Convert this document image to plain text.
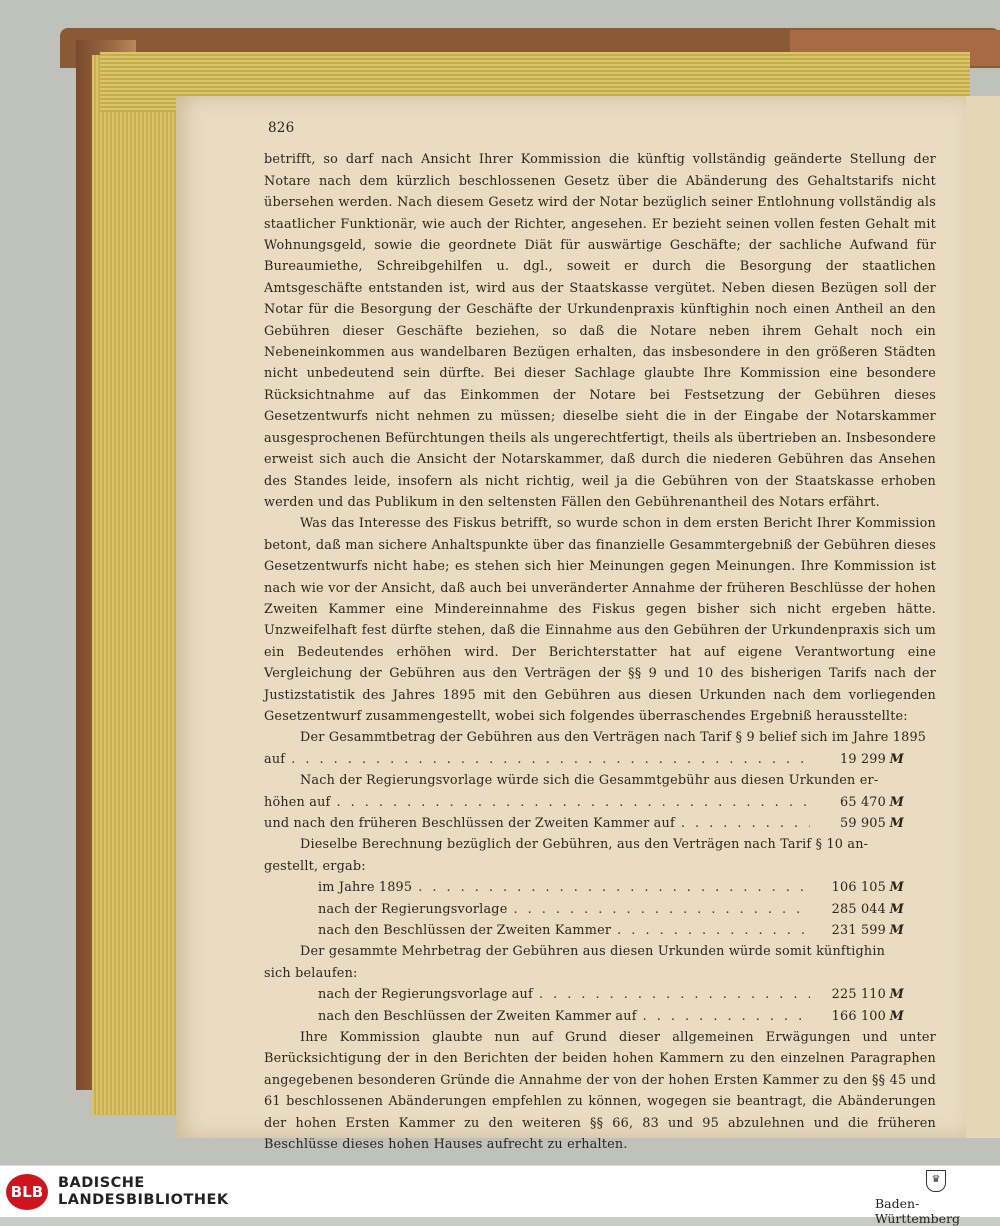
826

betrifft, so darf nach Ansicht Ihrer Kommission die künftig vollständig geänderte Stellung der Notare nach dem kürzlich beschlossenen Gesetz über die Abänderung des Gehaltstarifs nicht übersehen werden. Nach diesem Gesetz wird der Notar bezüglich seiner Entlohnung vollständig als staatlicher Funktionär, wie auch der Richter, angesehen. Er bezieht seinen vollen festen Gehalt mit Wohnungsgeld, sowie die geordnete Diät für auswärtige Geschäfte; der sachliche Aufwand für Bureaumiethe, Schreibgehilfen u. dgl., soweit er durch die Besorgung der staatlichen Amtsgeschäfte entstanden ist, wird aus der Staatskasse vergütet. Neben diesen Bezügen soll der Notar für die Besorgung der Geschäfte der Urkundenpraxis künftighin noch einen Antheil an den Gebühren dieser Geschäfte beziehen, so daß die Notare neben ihrem Gehalt noch ein Nebeneinkommen aus wandelbaren Bezügen erhalten, das insbesondere in den größeren Städten nicht unbedeutend sein dürfte. Bei dieser Sachlage glaubte Ihre Kommission eine besondere Rücksichtnahme auf das Einkommen der Notare bei Festsetzung der Gebühren dieses Gesetzentwurfs nicht nehmen zu müssen; dieselbe sieht die in der Eingabe der Notarskammer ausgesprochenen Befürchtungen theils als ungerechtfertigt, theils als übertrieben an. Insbesondere erweist sich auch die Ansicht der Notarskammer, daß durch die niederen Gebühren das Ansehen des Standes leide, insofern als nicht richtig, weil ja die Gebühren von der Staatskasse erhoben werden und das Publikum in den seltensten Fällen den Gebührenantheil des Notars erfährt.

Was das Interesse des Fiskus betrifft, so wurde schon in dem ersten Bericht Ihrer Kommission betont, daß man sichere Anhaltspunkte über das finanzielle Gesammtergebniß der Gebühren dieses Gesetzentwurfs nicht habe; es stehen sich hier Meinungen gegen Meinungen. Ihre Kommission ist nach wie vor der Ansicht, daß auch bei unveränderter Annahme der früheren Beschlüsse der hohen Zweiten Kammer eine Mindereinnahme des Fiskus gegen bisher sich nicht ergeben hätte. Unzweifelhaft fest dürfte stehen, daß die Einnahme aus den Gebühren der Urkundenpraxis sich um ein Bedeutendes erhöhen wird. Der Berichterstatter hat auf eigene Verantwortung eine Vergleichung der Gebühren aus den Verträgen der §§ 9 und 10 des bisherigen Tarifs nach der Justizstatistik des Jahres 1895 mit den Gebühren aus diesen Urkunden nach dem vorliegenden Gesetzentwurf zusammengestellt, wobei sich folgendes überraschendes Ergebniß herausstellte:

Der Gesammtbetrag der Gebühren aus den Verträgen nach Tarif § 9 belief sich im Jahre 1895

auf . . .	19 299 M

Nach der Regierungsvorlage würde sich die Gesammtgebühr aus diesen Urkunden er-

höhen auf . . .	65 470 M
und nach den früheren Beschlüssen der Zweiten Kammer auf . . .	59 905 M

Dieselbe Berechnung bezüglich der Gebühren, aus den Verträgen nach Tarif § 10 an-

gestellt, ergab:

im Jahre 1895 . . .	106 105 M
nach der Regierungsvorlage . . .	285 044 M
nach den Beschlüssen der Zweiten Kammer . . .	231 599 M

Der gesammte Mehrbetrag der Gebühren aus diesen Urkunden würde somit künftighin

sich belaufen:

nach der Regierungsvorlage auf . . .	225 110 M
nach den Beschlüssen der Zweiten Kammer auf . . .	166 100 M

Ihre Kommission glaubte nun auf Grund dieser allgemeinen Erwägungen und unter Berücksichtigung der in den Berichten der beiden hohen Kammern zu den einzelnen Paragraphen angegebenen besonderen Gründe die Annahme der von der hohen Ersten Kammer zu den §§ 45 und 61 beschlossenen Abänderungen empfehlen zu können, wogegen sie beantragt, die Abänderungen der hohen Ersten Kammer zu den weiteren §§ 66, 83 und 95 abzulehnen und die früheren Beschlüsse dieses hohen Hauses aufrecht zu erhalten.

BLB	BADISCHE
LANDESBIBLIOTHEK
♛
Baden-Württemberg
